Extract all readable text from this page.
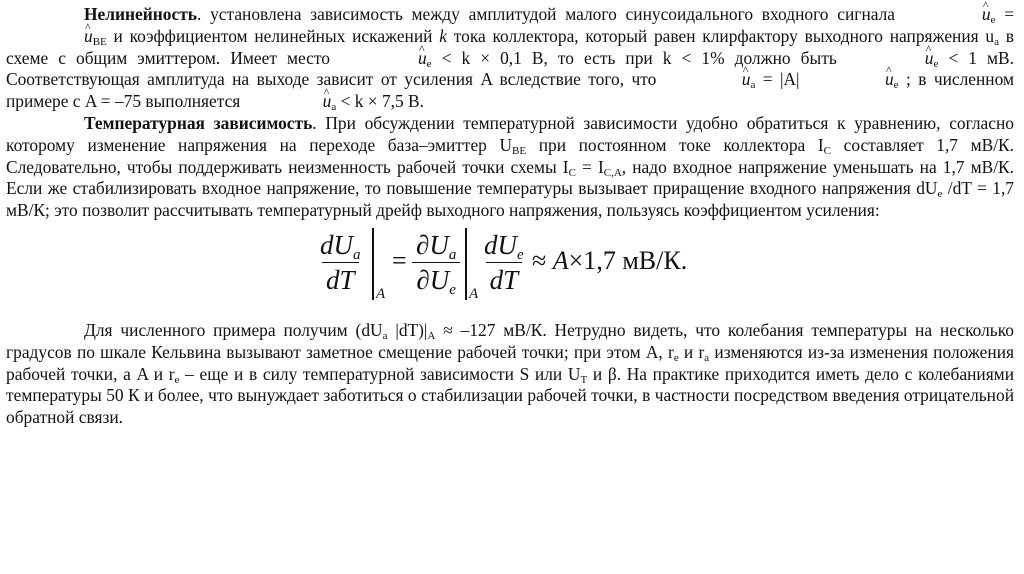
Нелинейность. установлена зависимость между амплитудой малого синусоидального входного сигнала	^ $u_e$ = ^ $u_{BE}$ и коэффициентом нелинейных искажений k тока коллектора, который равен клирфактору выходного напряжения $u_a$ в схеме с общим эмиттером. Имеет место	^ $u_e < k \times 0,1$ В, то есть при k < 1% должно быть	^ $u_e < 1$ мВ. Соответствующая амплитуда на выходе зависит от усиления A вследствие того, что	^ $u_a = |A|$	^ $u_e$ ; в численном примере с A = –75 выполняется	^ $u_a < k \times 7,5$ В.

Температурная зависимость. При обсуждении температурной зависимости удобно обратиться к уравнению, согласно которому изменение напряжения на переходе база–эмиттер $U_{BE}$ при постоянном токе коллектора $I_C$ составляет 1,7 мВ/К. Следовательно, чтобы поддерживать неизменность рабочей точки схемы $I_C = I_{C,A}$, надо входное напряжение уменьшать на 1,7 мВ/К. Если же стабилизировать входное напряжение, то повышение температуры вызывает приращение входного напряжения $dU_e$ /dT = 1,7 мВ/К; это позволит рассчитывать температурный дрейф выходного напряжения, пользуясь коэффициентом усиления:

$dU_a$
dT A
= $\frac{\partial U_a}{\partial U_e}$ A
$dU_e$
dT
≈ A×1,7 мВ/К.

Для численного примера получим ($dU_a$ $|dT)|_A \approx -127$ мВ/К. Нетрудно видеть, что колебания температуры на несколько градусов по шкале Кельвина вызывают заметное смещение рабочей точки; при этом A, $r_e$ и $r_a$ изменяются из-за изменения положения рабочей точки, а A и $r_e$ – еще и в силу температурной зависимости S или $U_T$ и β. На практике приходится иметь дело с колебаниями температуры 50 К и более, что вынуждает заботиться о стабилизации рабочей точки, в частности посредством введения отрицательной обратной связи.
